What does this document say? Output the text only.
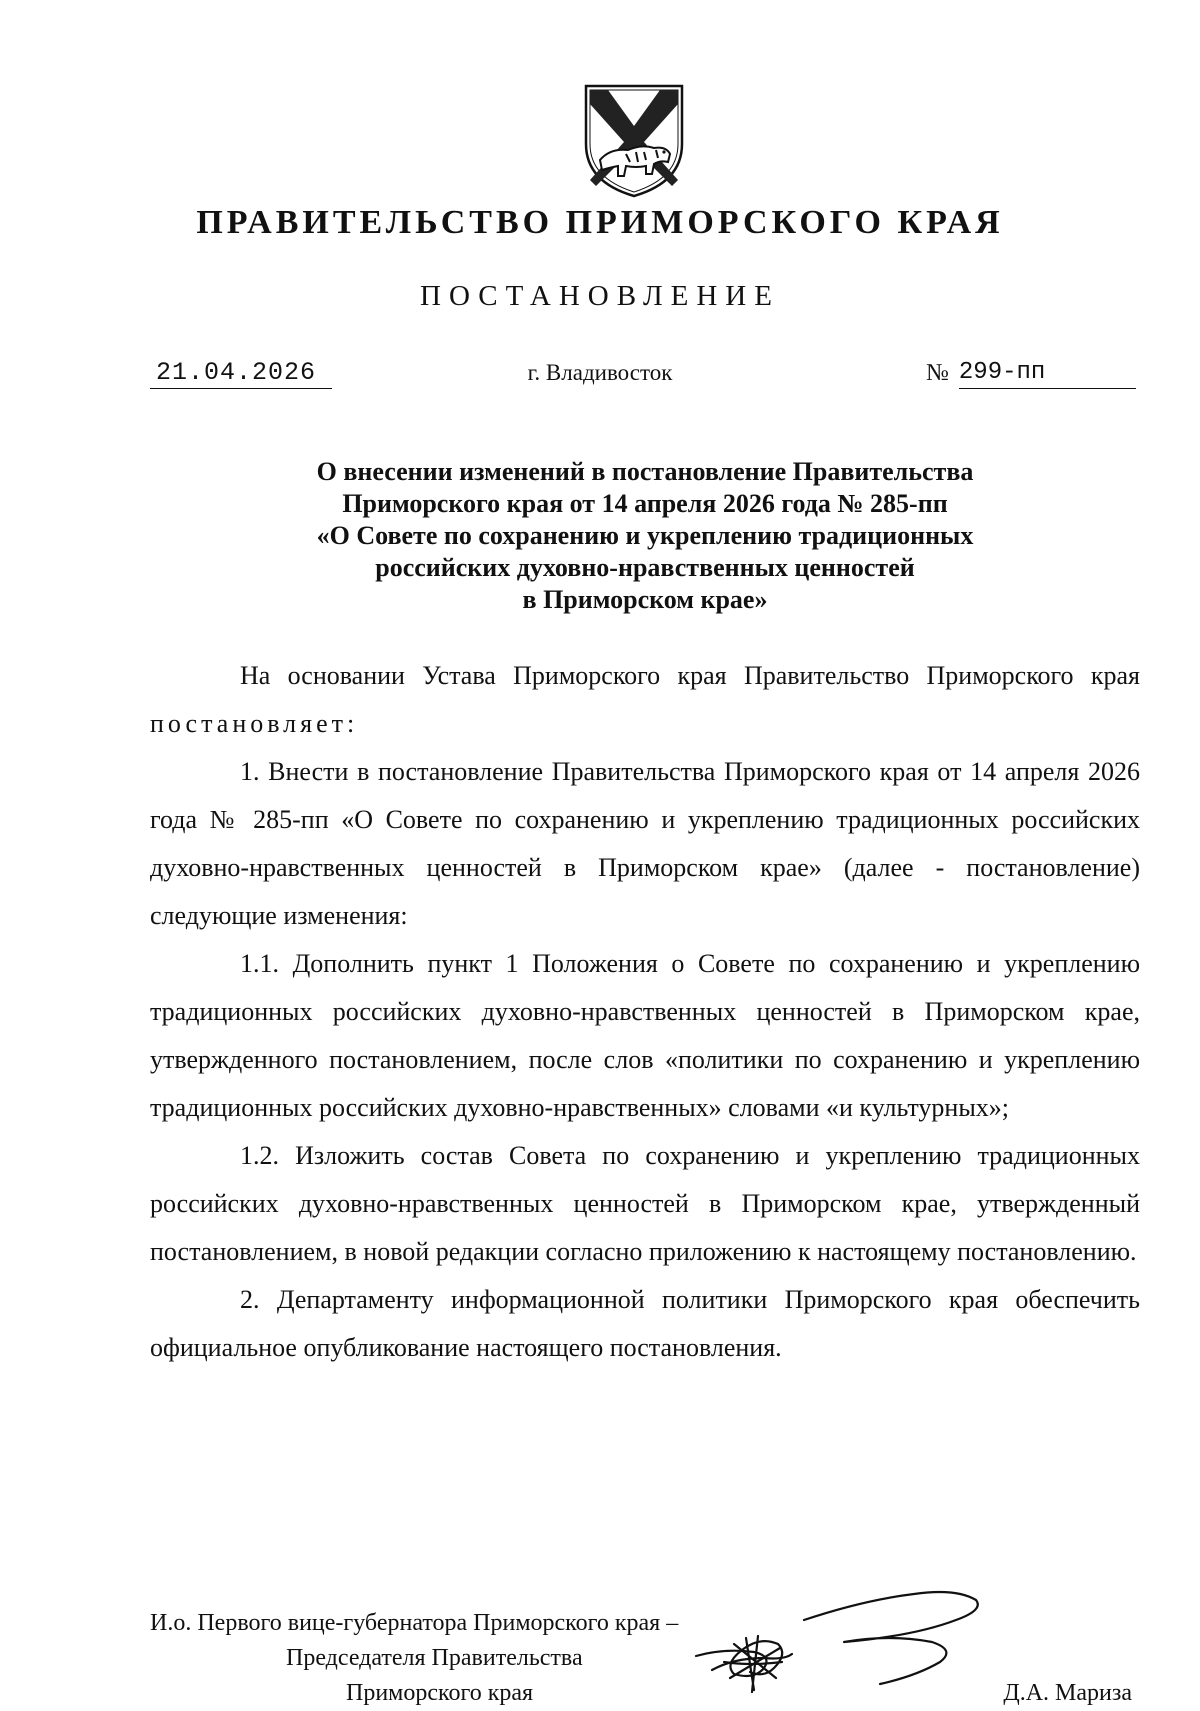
ПРАВИТЕЛЬСТВО ПРИМОРСКОГО КРАЯ
ПОСТАНОВЛЕНИЕ
21.04.2026	г. Владивосток	№ 299-пп
О внесении изменений в постановление Правительства
Приморского края от 14 апреля 2026 года № 285-пп
«О Совете по сохранению и укреплению традиционных
российских духовно-нравственных ценностей
в Приморском крае»

На основании Устава Приморского края Правительство Приморского края постановляет:

1. Внести в постановление Правительства Приморского края от 14 апреля 2026 года № 285-пп «О Совете по сохранению и укреплению традиционных российских духовно-нравственных ценностей в Приморском крае» (далее - постановление) следующие изменения:

1.1. Дополнить пункт 1 Положения о Совете по сохранению и укреплению традиционных российских духовно-нравственных ценностей в Приморском крае, утвержденного постановлением, после слов «политики по сохранению и укреплению традиционных российских духовно-нравственных» словами «и культурных»;

1.2. Изложить состав Совета по сохранению и укреплению традиционных российских духовно-нравственных ценностей в Приморском крае, утвержденный постановлением, в новой редакции согласно приложению к настоящему постановлению.

2. Департаменту информационной политики Приморского края обеспечить официальное опубликование настоящего постановления.

И.о. Первого вице-губернатора Приморского края –
Председателя Правительства
Приморского края	Д.А. Мариза
